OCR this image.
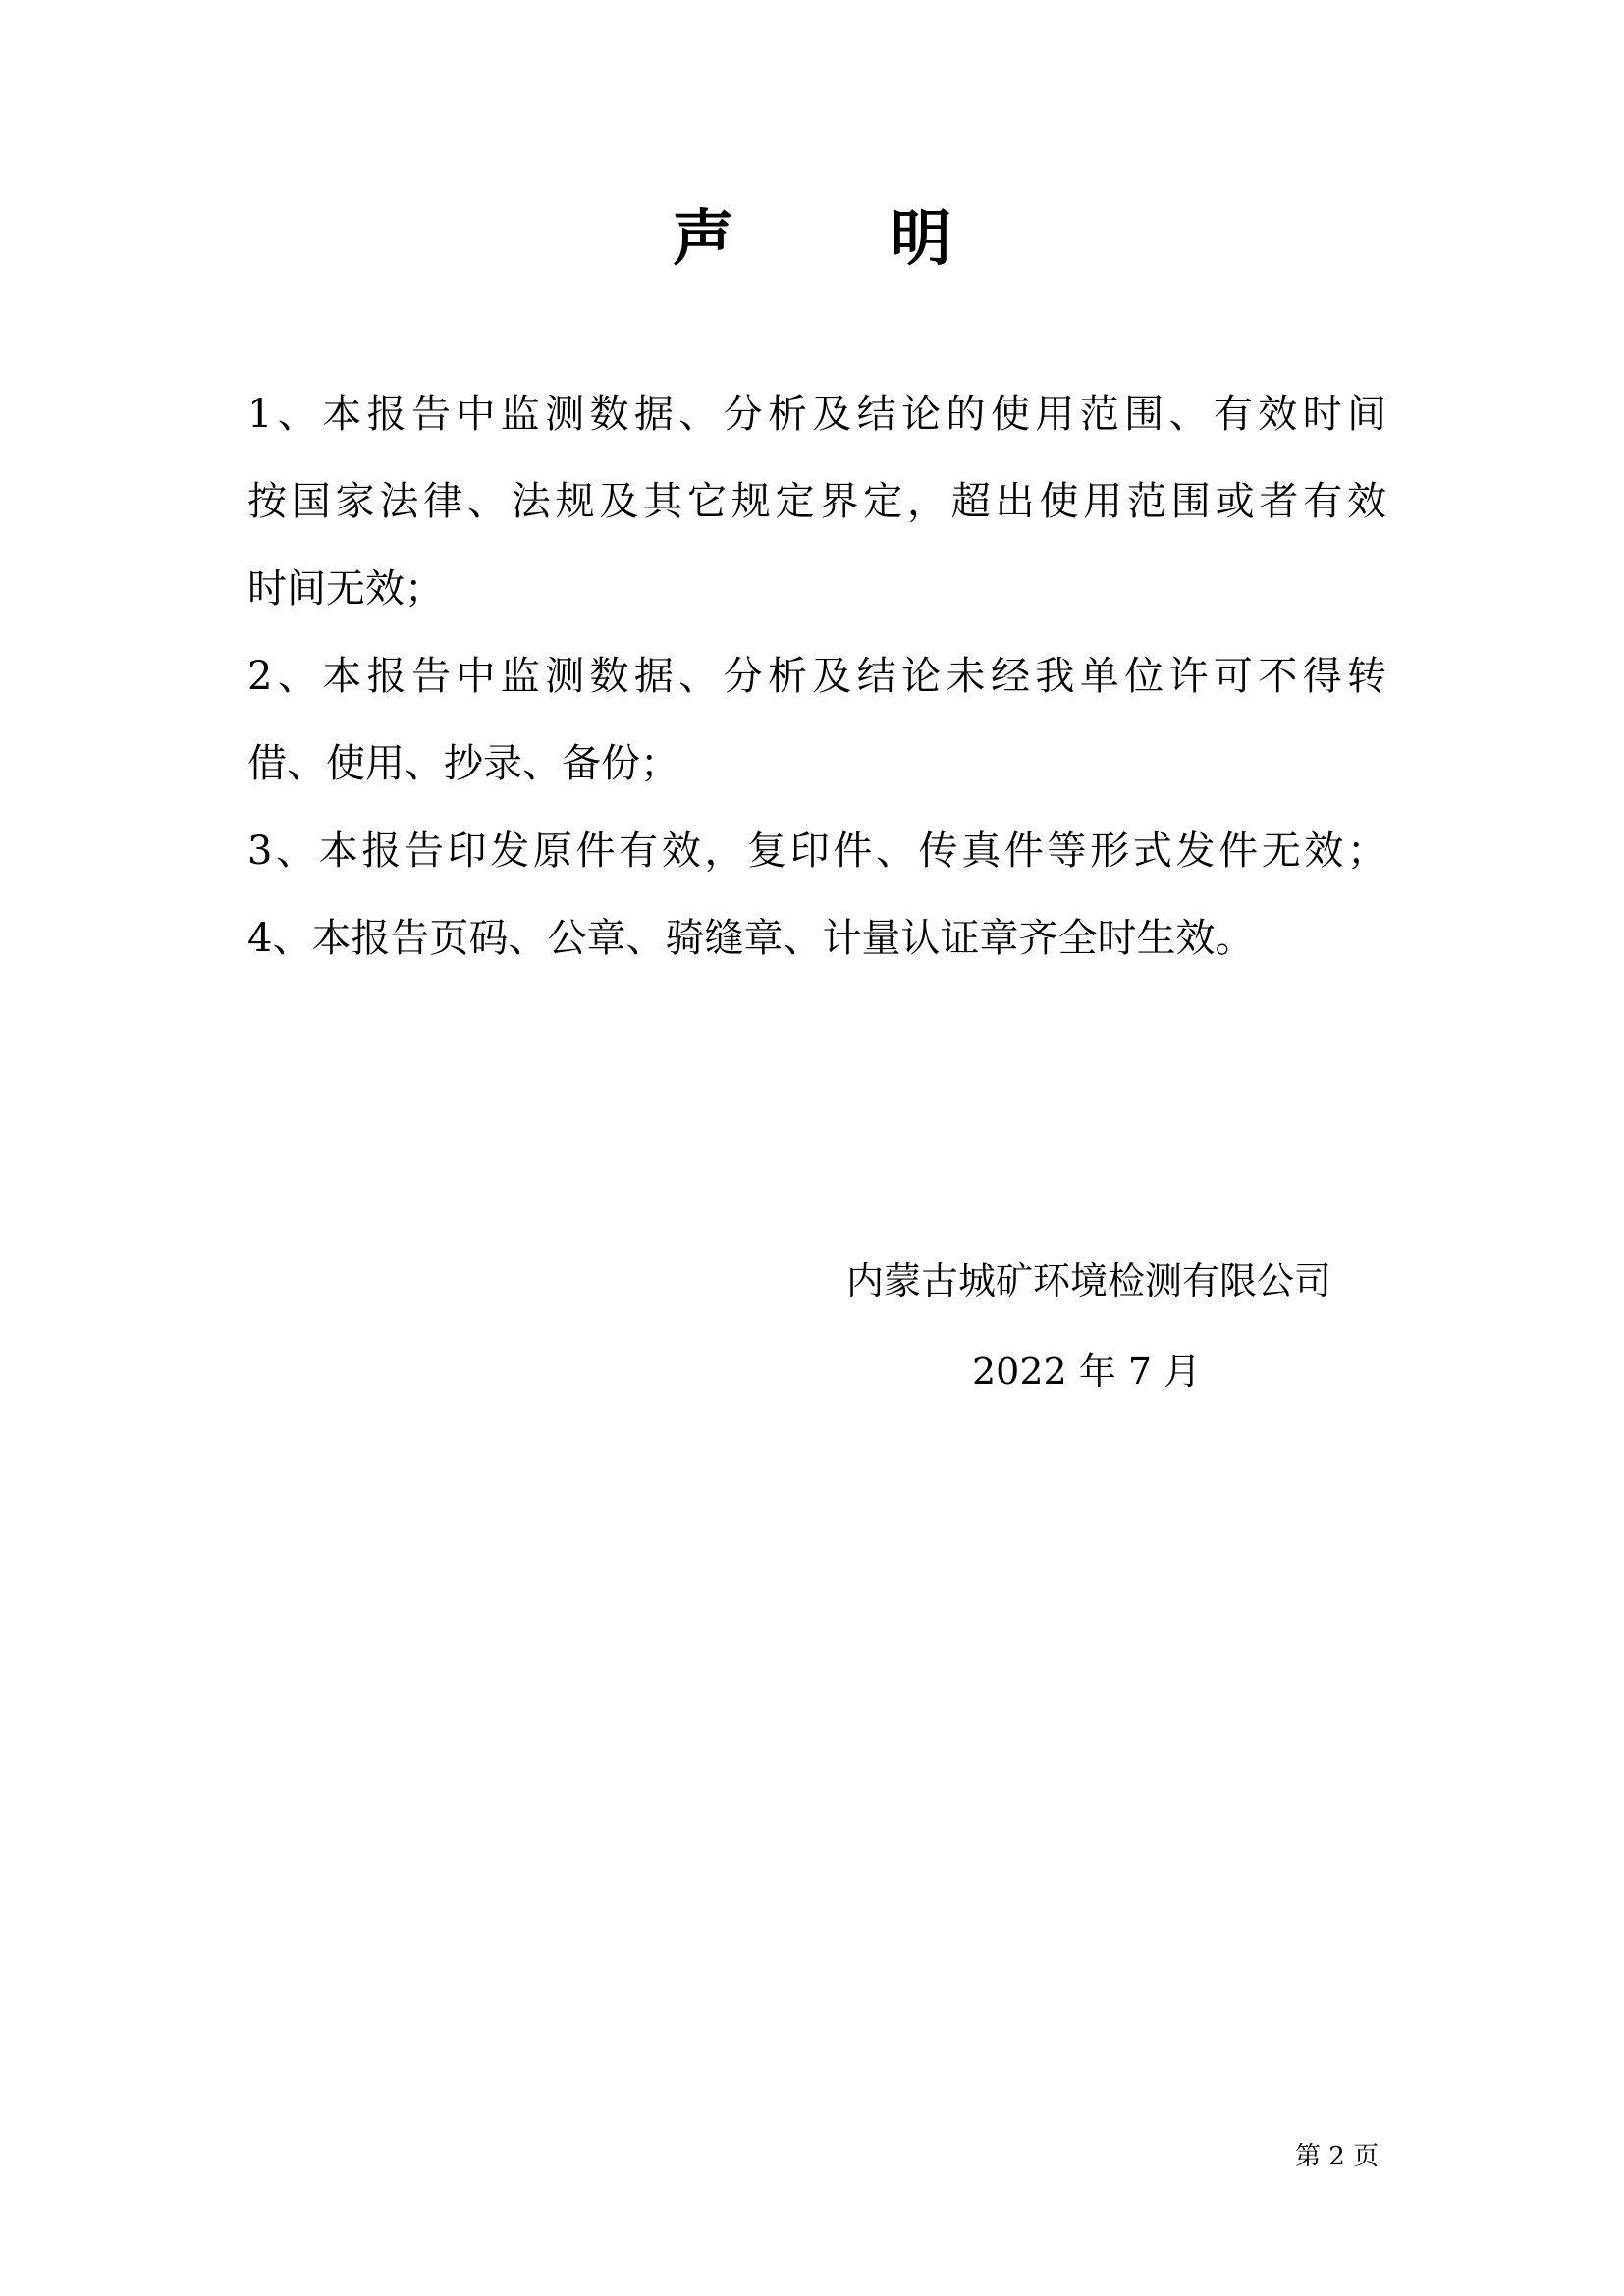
声	明

1、本报告中监测数据、分析及结论的使用范围、有效时间
按国家法律、法规及其它规定界定，超出使用范围或者有效
时间无效；

2、本报告中监测数据、分析及结论未经我单位许可不得转
借、使用、抄录、备份；

3、本报告印发原件有效，复印件、传真件等形式发件无效；

4、本报告页码、公章、骑缝章、计量认证章齐全时生效。

内蒙古城矿环境检测有限公司
2022 年 7 月
第 2 页
